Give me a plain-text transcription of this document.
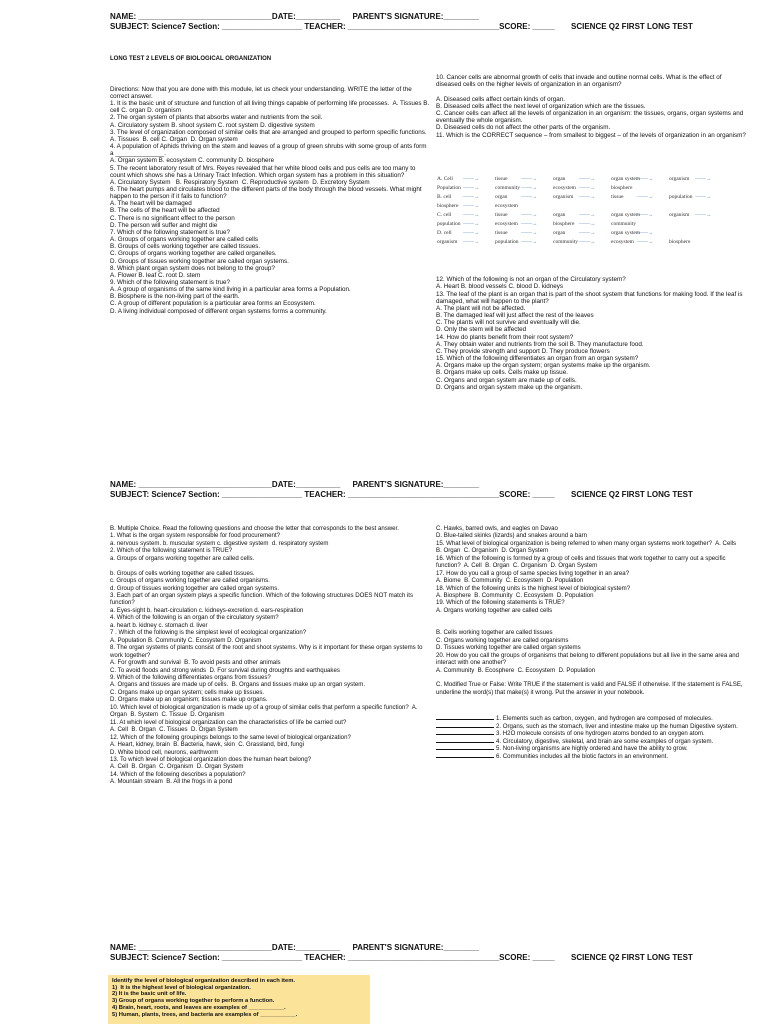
NAME: ______________________________DATE:__________ PARENT'S SIGNATURE:________
SUBJECT: Science7 Section: __________________ TEACHER: __________________________________SCORE: _____ SCIENCE Q2 FIRST LONG TEST

LONG TEST 2 LEVELS OF BIOLOGICAL ORGANIZATION

Directions: Now that you are done with this module, let us check your understanding. WRITE the letter of the correct answer.

1. It is the basic unit of structure and function of all living things capable of performing life processes.  A. Tissues B. cell C. organ D. organism

2. The organ system of plants that absorbs water and nutrients from the soil.

A. Circulatory system B. shoot system C. root system D. digestive system

3. The level of organization composed of similar cells that are arranged and grouped to perform specific functions.

A. Tissues  B. cell C. Organ  D. Organ system

4. A population of Aphids thriving on the stem and leaves of a group of green shrubs with some group of ants form a ______________.

A. Organ system B. ecosystem C. community D. biosphere

5. The recent laboratory result of Mrs. Reyes revealed that her white blood cells and pus cells are too many to count which shows she has a Urinary Tract Infection. Which organ system has a problem in this situation?

A. Circulatory System   B. Respiratory System  C. Reproductive system  D. Excretory System

6. The heart pumps and circulates blood to the different parts of the body through the blood vessels. What might happen to the person if it fails to function?

A. The heart will be damaged

B. The cells of the heart will be affected

C. There is no significant effect to the person

D. The person will suffer and might die

7. Which of the following statement is true?

A. Groups of organs working together are called cells

B. Groups of cells working together are called tissues.

C. Groups of organs working together are called organelles.

D. Groups of tissues working together are called organ systems.

8. Which plant organ system does not belong to the group?

A. Flower B. leaf C. root D. stem

9. Which of the following statement is true?

A. A group of organisms of the same kind living in a particular area forms a Population.

B. Biosphere is the non-living part of the earth.

C. A group of different population is a particular area forms an Ecosystem.

D. A living individual composed of different organ systems forms a community.

10. Cancer cells are abnormal growth of cells that invade and outline normal cells. What is the effect of diseased cells on the higher levels of organization in an organism?

A. Diseased cells affect certain kinds of organ.

B. Diseased cells affect the next level of organization which are the tissues.

C. Cancer cells can affect all the levels of organization in an organism: the tissues, organs, organ systems and eventually the whole organism.

D. Diseased cells do not affect the other parts of the organism.

11. Which is the CORRECT sequence – from smallest to biggest – of the levels of organization in an organism?

A. Cell ——→	tissue ——→	organ ——→	organ system
——→	organism ——→
Population ——→	community ——→	ecosystem ——→	biosphere
B. cell ——→	organ ——→	organism ——→	tissue ——→	population ——→
biosphere ——→	ecosystem
C. cell ——→	tissue ——→	organ ——→	organ system
——→	organism ——→
population ——→	ecosystem ——→	biosphere ——→	community
D. cell ——→	tissue ——→	organ ——→	organ system
——→
organism ——→	population ——→	community ——→	ecosystem ——→	biosphere

12. Which of the following is not an organ of the Circulatory system?

A. Heart B. blood vessels C. blood D. kidneys

13. The leaf of the plant is an organ that is part of the shoot system that functions for making food. If the leaf is damaged, what will happen to the plant?

A. The plant will not be affected.

B. The damaged leaf will just affect the rest of the leaves

C. The plants will not survive and eventually will die.

D. Only the stem will be affected

14. How do plants benefit from their root system?

A. They obtain water and nutrients from the soil B. They manufacture food.

C. They provide strength and support D. They produce flowers

15. Which of the following differentiates an organ from an organ system?

A. Organs make up the organ system; organ systems make up the organism.

B. Organs make up cells. Cells make up tissue.

C. Organs and organ system are made up of cells.

D. Organs and organ system make up the organism.

NAME: ______________________________DATE:__________ PARENT'S SIGNATURE:________
SUBJECT: Science7 Section: __________________ TEACHER: __________________________________SCORE: _____ SCIENCE Q2 FIRST LONG TEST

B. Multiple Choice. Read the following questions and choose the letter that corresponds to the best answer.

1. What is the organ system responsible for food procurement?

a. nervous system. b. muscular system c. digestive system  d. respiratory system

2. Which of the following statement is TRUE?

a. Groups of organs working together are called cells.

b. Groups of cells working together are called tissues.

c. Groups of organs working together are called organisms.

d. Group of tissues working together are called organ systems.

3. Each part of an organ system plays a specific function. Which of the following structures DOES NOT match its function?

a. Eyes-sight b. heart-circulation c. kidneys-excretion d. ears-respiration

4. Which of the following is an organ of the circulatory system?

a. heart b. kidney c. stomach d. liver

7 . Which of the following is the simplest level of ecological organization?

A. Population B. Community C. Ecosystem D. Organism

8. The organ systems of plants consist of the root and shoot systems. Why is it important for these organ systems to work together?

A. For growth and survival  B. To avoid pests and other animals

C. To avoid floods and strong winds  D. For survival during droughts and earthquakes

9. Which of the following differentiates organs from tissues?

A. Organs and tissues are made up of cells.  B. Organs and tissues make up an organ system.

C. Organs make up organ system; cells make up tissues.

D. Organs make up an organism; tissues make up organs.

10. Which level of biological organization is made up of a group of similar cells that perform a specific function?  A. Organ  B. System  C. Tissue  D. Organism

11. At which level of biological organization can the characteristics of life be carried out?

A. Cell  B. Organ  C. Tissues  D. Organ System

12. Which of the following groupings belongs to the same level of biological organization?

A. Heart, kidney, brain  B. Bacteria, hawk, skin  C. Grassland, bird, fungi

D. White blood cell, neurons, earthworm

13. To which level of biological organization does the human heart belong?

A. Cell  B. Organ  C. Organism  D. Organ System

14. Which of the following describes a population?

A. Mountain stream  B. All the frogs in a pond

C. Hawks, barred owls, and eagles on Davao

D. Blue-tailed skinks (lizards) and snakes around a barn

15. What level of biological organization is being referred to when many organ systems work together?  A. Cells   B. Organ  C. Organism  D. Organ System

16. Which of the following is formed by a group of cells and tissues that work together to carry out a specific function?  A. Cell  B. Organ  C. Organism  D. Organ System

17. How do you call a group of same species living together in an area?

A. Biome  B. Community  C. Ecosystem  D. Population

18. Which of the following units is the highest level of biological system?

A. Biosphere  B. Community  C. Ecosystem  D. Population

19. Which of the following statements is TRUE?

A. Organs working together are called cells

B. Cells working together are called tissues

C. Organs working together are called organisms

D. Tissues working together are called organ systems

20. How do you call the groups of organisms that belong to different populations but all live in the same area and interact with one another?

A. Community  B. Ecosphere  C. Ecosystem  D. Population

C. Modified True or False: Write TRUE if the statement is valid and FALSE if otherwise. If the statement is FALSE, underline the word(s) that make(s) it wrong. Put the answer in your notebook.

1. Elements such as carbon, oxygen, and hydrogen are composed of molecules.

2. Organs, such as the stomach, liver and intestine make up the human Digestive system.

3. H2O molecule consists of one hydrogen atoms bonded to an oxygen atom.

4. Circulatory, digestive, skeletal, and brain are some examples of organ system.

5. Non-living organisms are highly ordered and have the ability to grow.

6. Communities includes all the biotic factors in an environment.

NAME: ______________________________DATE:__________ PARENT'S SIGNATURE:________
SUBJECT: Science7 Section: __________________ TEACHER: __________________________________SCORE: _____ SCIENCE Q2 FIRST LONG TEST

Identify the level of biological organization described in each item.

1)  It is the highest level of biological organization.

2) It is the basic unit of life.

3) Group of organs working together to perform a function.

4) Brain, heart, roots, and leaves are examples of ___________.

5) Human, plants, trees, and bacteria are examples of ___________.
